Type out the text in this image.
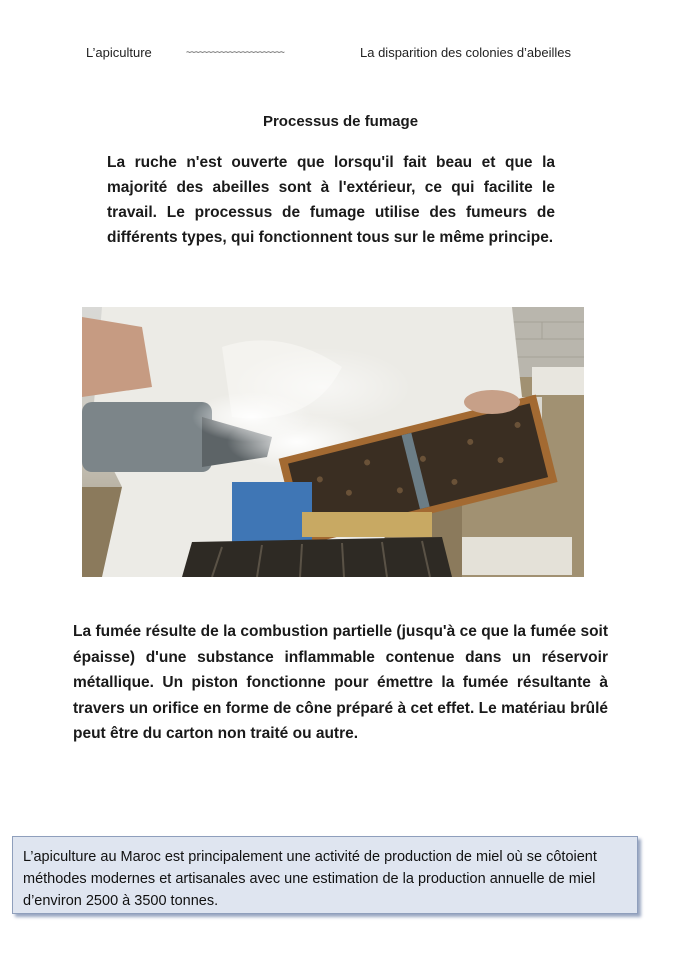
L’apiculture	~~~~~~~~~~~~~~~~~~~~~~~	La disparition des colonies d’abeilles
Processus de fumage
La ruche n'est ouverte que lorsqu'il fait beau et que la majorité des abeilles sont à l'extérieur, ce qui facilite le travail. Le processus de fumage utilise des fumeurs de différents types, qui fonctionnent tous sur le même principe.
La fumée résulte de la combustion partielle (jusqu'à ce que la fumée soit épaisse) d'une substance inflammable contenue dans un réservoir métallique. Un piston fonctionne pour émettre la fumée résultante à travers un orifice en forme de cône préparé à cet effet. Le matériau brûlé peut être du carton non traité ou autre.
L’apiculture au Maroc est principalement une activité de production de miel où se côtoient méthodes modernes et artisanales avec une estimation de la production annuelle de miel d’environ 2500 à 3500 tonnes.
